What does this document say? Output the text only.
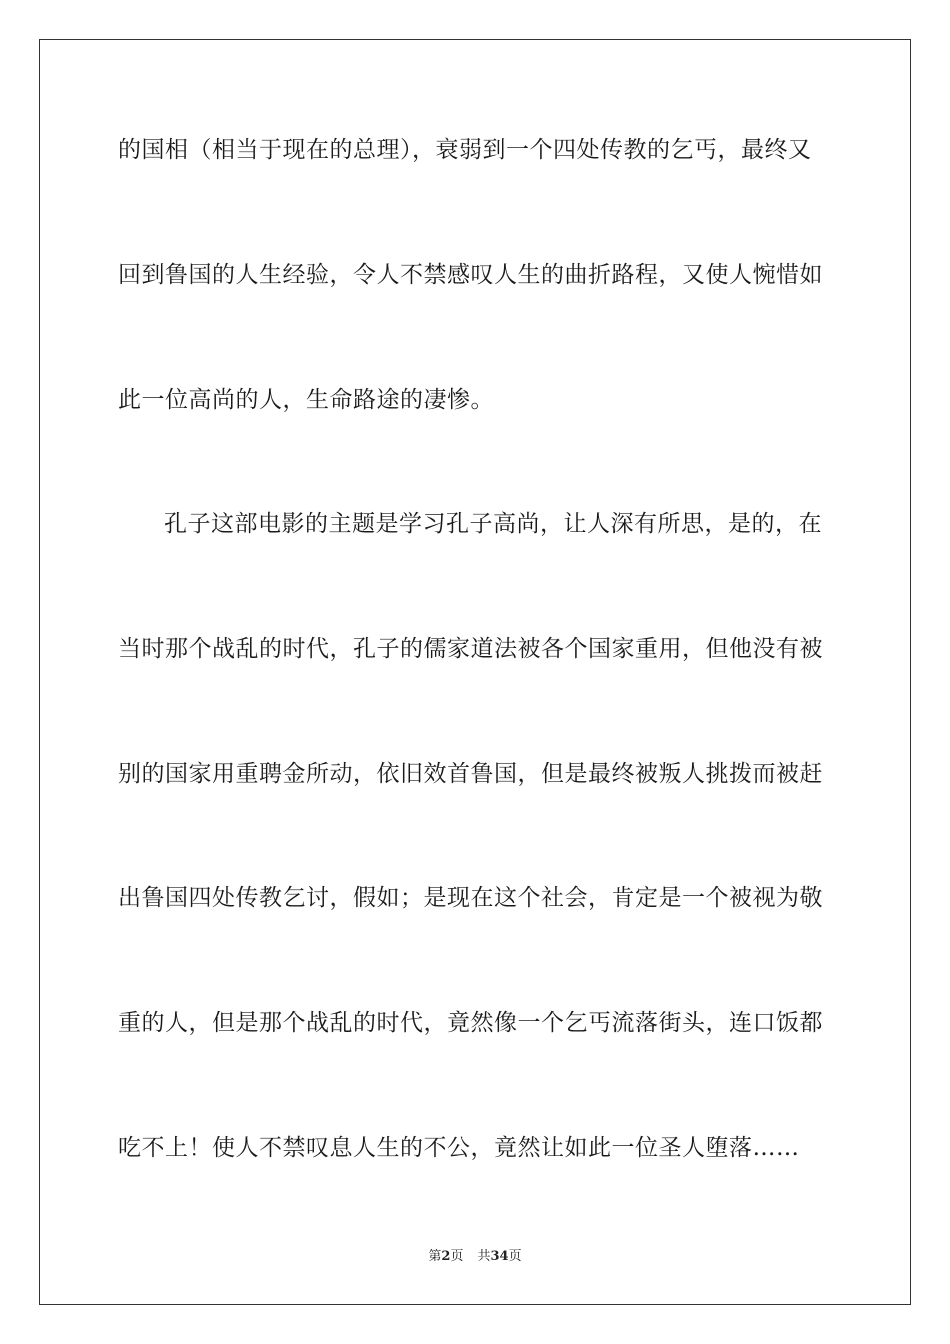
的国相（相当于现在的总理），衰弱到一个四处传教的乞丐，最终又
回到鲁国的人生经验，令人不禁感叹人生的曲折路程，又使人惋惜如
此一位高尚的人，生命路途的凄惨。
孔子这部电影的主题是学习孔子高尚，让人深有所思，是的，在
当时那个战乱的时代，孔子的儒家道法被各个国家重用，但他没有被
别的国家用重聘金所动，依旧效首鲁国，但是最终被叛人挑拨而被赶
出鲁国四处传教乞讨，假如；是现在这个社会，肯定是一个被视为敬
重的人，但是那个战乱的时代，竟然像一个乞丐流落街头，连口饭都
吃不上！使人不禁叹息人生的不公，竟然让如此一位圣人堕落……
第2页 共34页
